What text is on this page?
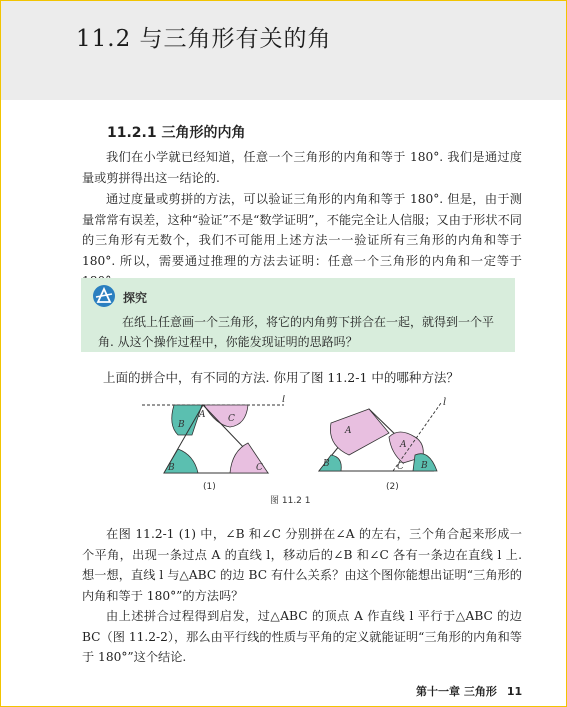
11.2 与三角形有关的角
11.2.1 三角形的内角
我们在小学就已经知道，任意一个三角形的内角和等于 180°. 我们是通过度量或剪拼得出这一结论的.
通过度量或剪拼的方法，可以验证三角形的内角和等于 180°. 但是，由于测量常常有误差，这种“验证”不是“数学证明”，不能完全让人信服；又由于形状不同的三角形有无数个，我们不可能用上述方法一一验证所有三角形的内角和等于 180°. 所以，需要通过推理的方法去证明：任意一个三角形的内角和一定等于
探究
在纸上任意画一个三角形，将它的内角剪下拼合在一起，就得到一个平角. 从这个操作过程中，你能发现证明的思路吗？
上面的拼合中，有不同的方法. 你用了图 11.2-1 中的哪种方法？
l
A
B
C
B	C
(1)
l
A
A
B	C B
(2)
图 11.2 1
在图 11.2-1 (1) 中，∠B 和∠C 分别拼在∠A 的左右，三个角合起来形成一个平角，出现一条过点 A 的直线 l，移动后的∠B 和∠C 各有一条边在直线 l 上. 想一想，直线 l 与△ABC 的边 BC 有什么关系？由这个图你能想出证明“三角形的内角和等于 180°”的方法吗？
由上述拼合过程得到启发，过△ABC 的顶点 A 作直线 l 平行于△ABC 的边 BC（图 11.2-2），那么由平行线的性质与平角的定义就能证明“三角形的内角和等于 180°”这个结论.
第十一章 三角形 11
